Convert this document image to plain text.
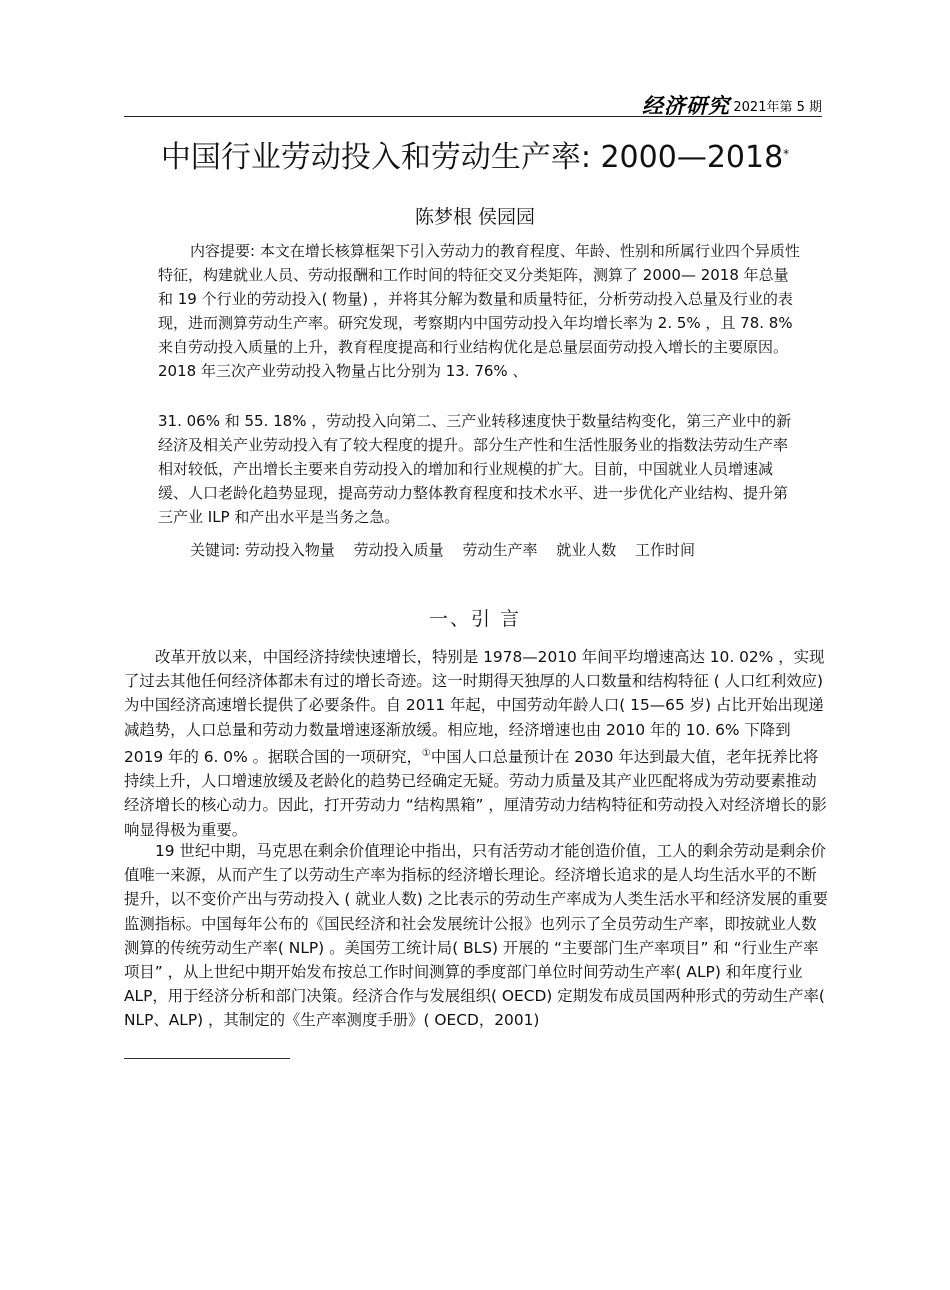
经济研究 2021年第 5 期
中国行业劳动投入和劳动生产率: 2000—2018*
陈梦根 侯园园

内容提要: 本文在增长核算框架下引入劳动力的教育程度、年龄、性别和所属行业四个异质性特征，构建就业人员、劳动报酬和工作时间的特征交叉分类矩阵，测算了 2000— 2018 年总量和 19 个行业的劳动投入( 物量) ，并将其分解为数量和质量特征，分析劳动投入总量及行业的表现，进而测算劳动生产率。研究发现，考察期内中国劳动投入年均增长率为 2. 5% ，且 78. 8% 来自劳动投入质量的上升，教育程度提高和行业结构优化是总量层面劳动投入增长的主要原因。 2018 年三次产业劳动投入物量占比分别为 13. 76% 、

31. 06% 和 55. 18% ，劳动投入向第二、三产业转移速度快于数量结构变化，第三产业中的新经济及相关产业劳动投入有了较大程度的提升。部分生产性和生活性服务业的指数法劳动生产率相对较低，产出增长主要来自劳动投入的增加和行业规模的扩大。目前，中国就业人员增速减缓、人口老龄化趋势显现，提高劳动力整体教育程度和技术水平、进一步优化产业结构、提升第三产业 ILP 和产出水平是当务之急。

关键词: 劳动投入物量 劳动投入质量 劳动生产率 就业人数 工作时间
一、引 言

改革开放以来，中国经济持续快速增长，特别是 1978—2010 年间平均增速高达 10. 02% ，实现了过去其他任何经济体都未有过的增长奇迹。这一时期得天独厚的人口数量和结构特征 ( 人口红利效应) 为中国经济高速增长提供了必要条件。自 2011 年起，中国劳动年龄人口( 15—65 岁) 占比开始出现递减趋势，人口总量和劳动力数量增速逐渐放缓。相应地，经济增速也由 2010 年的 10. 6% 下降到 2019 年的 6. 0% 。据联合国的一项研究，①中国人口总量预计在 2030 年达到最大值，老年抚养比将持续上升，人口增速放缓及老龄化的趋势已经确定无疑。劳动力质量及其产业匹配将成为劳动要素推动经济增长的核心动力。因此，打开劳动力 “结构黑箱” ，厘清劳动力结构特征和劳动投入对经济增长的影响显得极为重要。

19 世纪中期，马克思在剩余价值理论中指出，只有活劳动才能创造价值，工人的剩余劳动是剩余价值唯一来源，从而产生了以劳动生产率为指标的经济增长理论。经济增长追求的是人均生活水平的不断提升，以不变价产出与劳动投入 ( 就业人数) 之比表示的劳动生产率成为人类生活水平和经济发展的重要监测指标。中国每年公布的《国民经济和社会发展统计公报》也列示了全员劳动生产率，即按就业人数测算的传统劳动生产率( NLP) 。美国劳工统计局( BLS) 开展的 “主要部门生产率项目” 和 “行业生产率项目” ，从上世纪中期开始发布按总工作时间测算的季度部门单位时间劳动生产率( ALP) 和年度行业 ALP，用于经济分析和部门决策。经济合作与发展组织( OECD) 定期发布成员国两种形式的劳动生产率( NLP、ALP) ，其制定的《生产率测度手册》( OECD，2001)
